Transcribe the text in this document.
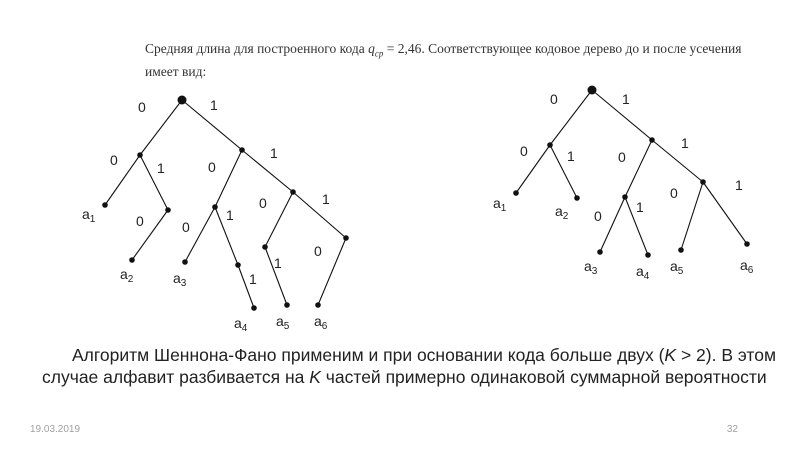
Средняя длина для построенного кода $q_{ср} = 2,46$. Соответствующее кодовое дерево до и после усечения имеет вид:
0	1
0	1
0
0
1
0
1
1
0	1
1
0
$a_1$
$a_2$	$a_3$
$a_4$ $a_5$ $a_6$
0	1
0	1	0
1
0
1
0	1
$a_1$	$a_2$
$a_3$	$a_4$
$a_5$	$a_6$
Алгоритм Шеннона-Фано применим и при основании кода больше двух (K > 2). В этом случае алфавит разбивается на K частей примерно одинаковой суммарной вероятности
19.03.2019	32
